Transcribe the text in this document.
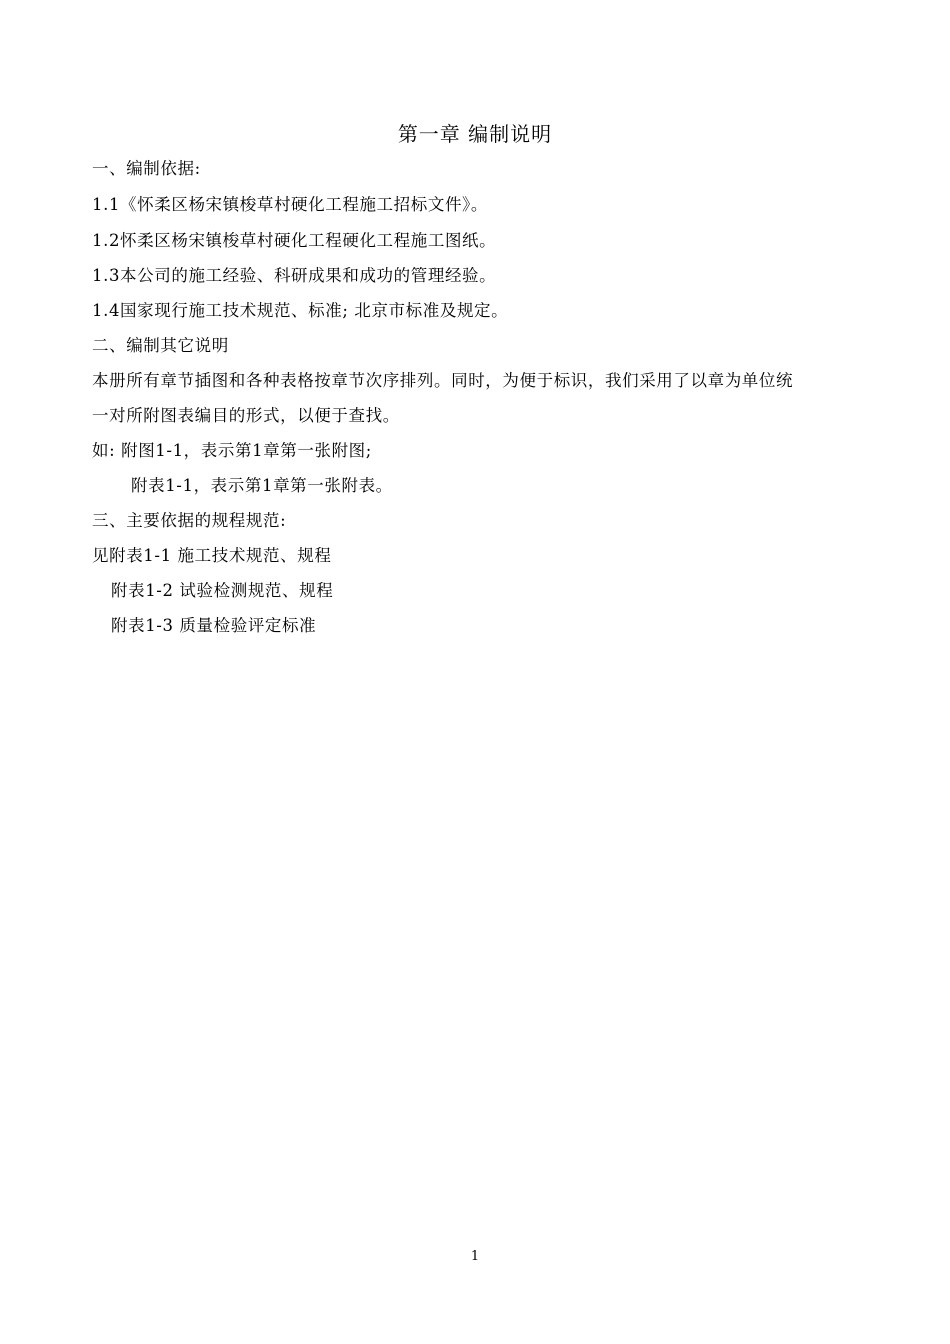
第一章 编制说明
一、编制依据:
1.1《怀柔区杨宋镇梭草村硬化工程施工招标文件》。
1.2怀柔区杨宋镇梭草村硬化工程硬化工程施工图纸。
1.3本公司的施工经验、科研成果和成功的管理经验。
1.4国家现行施工技术规范、标准; 北京市标准及规定。
二、编制其它说明
本册所有章节插图和各种表格按章节次序排列。同时，为便于标识，我们采用了以章为单位统
一对所附图表编目的形式，以便于查找。
如: 附图1-1，表示第1章第一张附图;
附表1-1，表示第1章第一张附表。
三、主要依据的规程规范:
见附表1-1 施工技术规范、规程
附表1-2 试验检测规范、规程
附表1-3 质量检验评定标准
1
